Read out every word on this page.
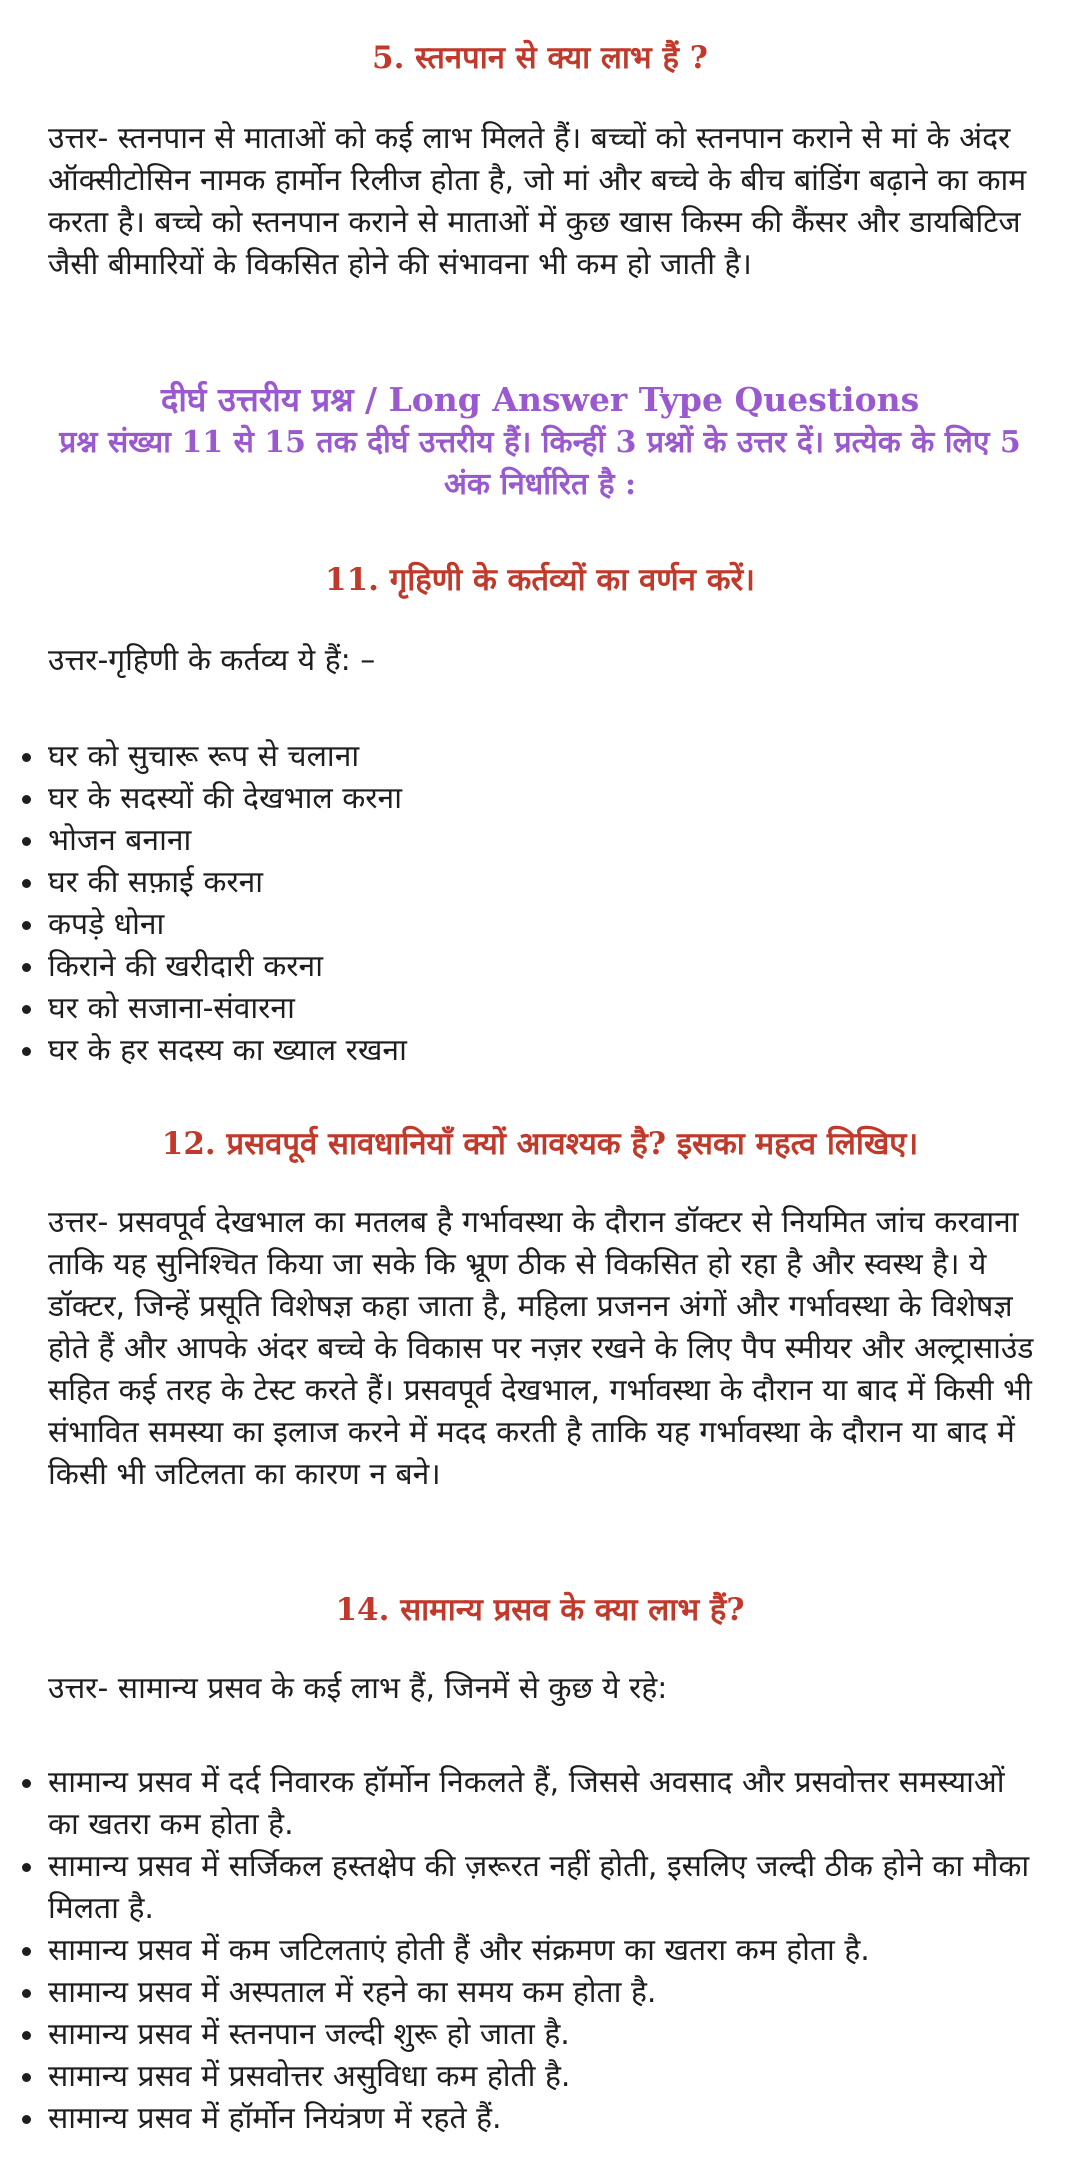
5. स्तनपान से क्या लाभ हैं ?

उत्तर- स्तनपान से माताओं को कई लाभ मिलते हैं। बच्चों को स्तनपान कराने से मां के अंदर ऑक्सीटोसिन नामक हार्मोन रिलीज होता है, जो मां और बच्चे के बीच बांडिंग बढ़ाने का काम करता है। बच्चे को स्तनपान कराने से माताओं में कुछ खास किस्म की कैंसर और डायबिटिज जैसी बीमारियों के विकसित होने की संभावना भी कम हो जाती है।

दीर्घ उत्तरीय प्रश्न / Long Answer Type Questions
प्रश्न संख्या 11 से 15 तक दीर्घ उत्तरीय हैं। किन्हीं 3 प्रश्नों के उत्तर दें। प्रत्येक के लिए 5 अंक निर्धारित है :
11. गृहिणी के कर्तव्यों का वर्णन करें।

उत्तर-गृहिणी के कर्तव्य ये हैं: –

घर को सुचारू रूप से चलाना
घर के सदस्यों की देखभाल करना
भोजन बनाना
घर की सफ़ाई करना
कपड़े धोना
किराने की खरीदारी करना
घर को सजाना-संवारना
घर के हर सदस्य का ख्याल रखना
12. प्रसवपूर्व सावधानियाँ क्यों आवश्यक है? इसका महत्व लिखिए।

उत्तर- प्रसवपूर्व देखभाल का मतलब है गर्भावस्था के दौरान डॉक्टर से नियमित जांच करवाना ताकि यह सुनिश्चित किया जा सके कि भ्रूण ठीक से विकसित हो रहा है और स्वस्थ है। ये डॉक्टर, जिन्हें प्रसूति विशेषज्ञ कहा जाता है, महिला प्रजनन अंगों और गर्भावस्था के विशेषज्ञ होते हैं और आपके अंदर बच्चे के विकास पर नज़र रखने के लिए पैप स्मीयर और अल्ट्रासाउंड सहित कई तरह के टेस्ट करते हैं। प्रसवपूर्व देखभाल, गर्भावस्था के दौरान या बाद में किसी भी संभावित समस्या का इलाज करने में मदद करती है ताकि यह गर्भावस्था के दौरान या बाद में किसी भी जटिलता का कारण न बने।

14. सामान्य प्रसव के क्या लाभ हैं?

उत्तर- सामान्य प्रसव के कई लाभ हैं, जिनमें से कुछ ये रहे:

सामान्य प्रसव में दर्द निवारक हॉर्मोन निकलते हैं, जिससे अवसाद और प्रसवोत्तर समस्याओं का खतरा कम होता है.
सामान्य प्रसव में सर्जिकल हस्तक्षेप की ज़रूरत नहीं होती, इसलिए जल्दी ठीक होने का मौका मिलता है.
सामान्य प्रसव में कम जटिलताएं होती हैं और संक्रमण का खतरा कम होता है.
सामान्य प्रसव में अस्पताल में रहने का समय कम होता है.
सामान्य प्रसव में स्तनपान जल्दी शुरू हो जाता है.
सामान्य प्रसव में प्रसवोत्तर असुविधा कम होती है.
सामान्य प्रसव में हॉर्मोन नियंत्रण में रहते हैं.
